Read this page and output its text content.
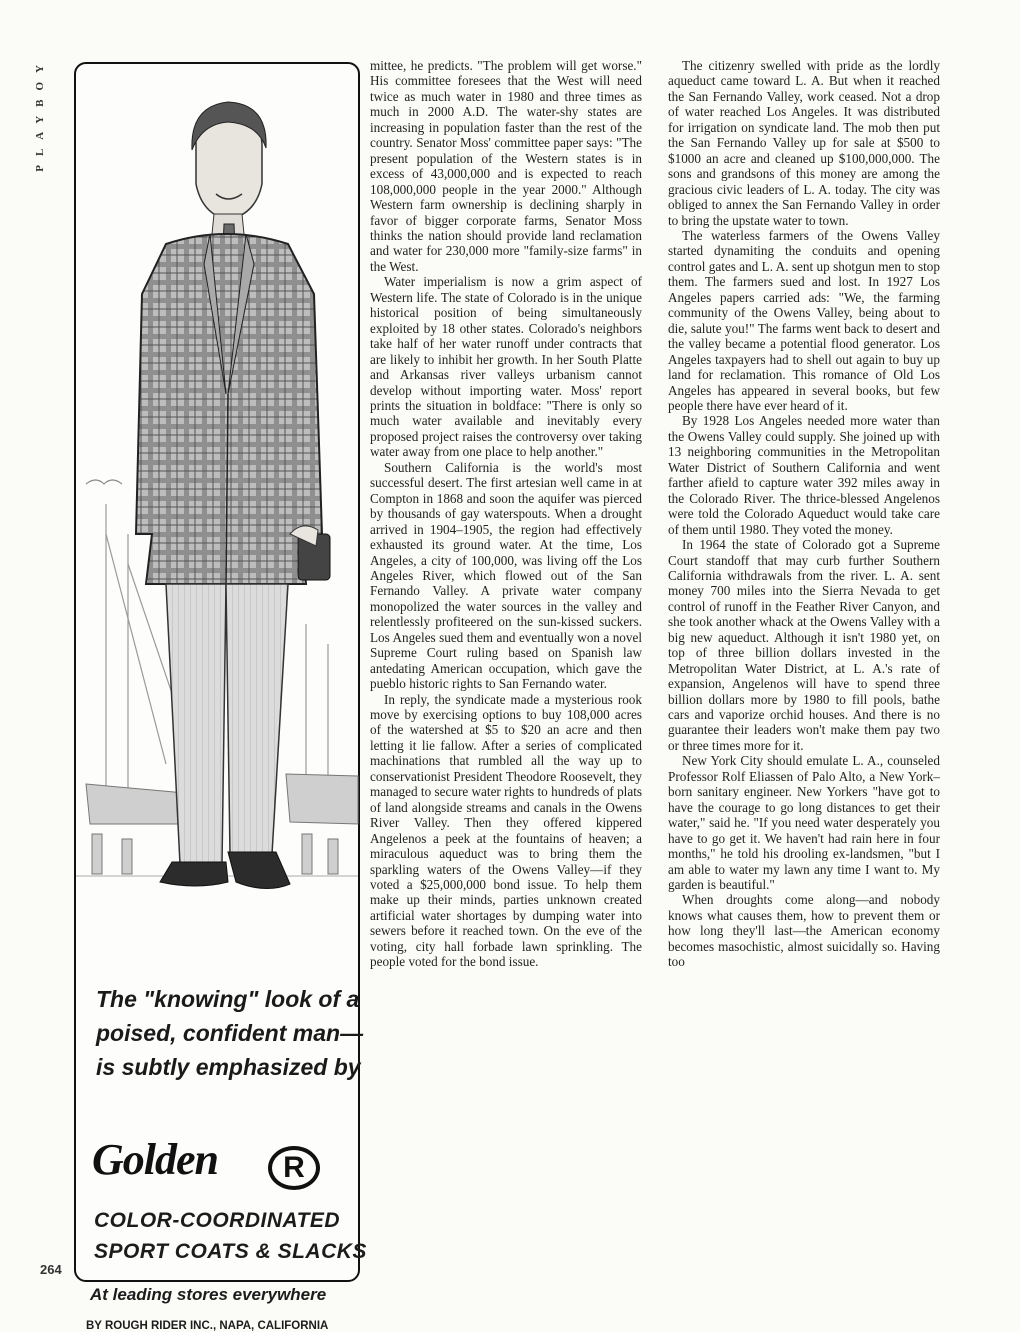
PLAYBOY
264
The "knowing" look of a
poised, confident man—
is subtly emphasized by
Golden	R
COLOR-COORDINATED
SPORT COATS & SLACKS
At leading stores everywhere
BY ROUGH RIDER INC., NAPA, CALIFORNIA

mittee, he predicts. "The problem will get worse." His committee foresees that the West will need twice as much water in 1980 and three times as much in 2000 A.D. The water-shy states are increasing in population faster than the rest of the country. Senator Moss' committee paper says: "The present population of the Western states is in excess of 43,000,000 and is expected to reach 108,000,000 people in the year 2000." Although Western farm ownership is declining sharply in favor of bigger corporate farms, Senator Moss thinks the nation should provide land reclamation and water for 230,000 more "family-size farms" in the West.

Water imperialism is now a grim aspect of Western life. The state of Colorado is in the unique historical position of being simultaneously exploited by 18 other states. Colorado's neighbors take half of her water runoff under contracts that are likely to inhibit her growth. In her South Platte and Arkansas river valleys urbanism cannot develop without importing water. Moss' report prints the situation in boldface: "There is only so much water available and inevitably every proposed project raises the controversy over taking water away from one place to help another."

Southern California is the world's most successful desert. The first artesian well came in at Compton in 1868 and soon the aquifer was pierced by thousands of gay waterspouts. When a drought arrived in 1904–1905, the region had effectively exhausted its ground water. At the time, Los Angeles, a city of 100,000, was living off the Los Angeles River, which flowed out of the San Fernando Valley. A private water company monopolized the water sources in the valley and relentlessly profiteered on the sun-kissed suckers. Los Angeles sued them and eventually won a novel Supreme Court ruling based on Spanish law antedating American occupation, which gave the pueblo historic rights to San Fernando water.

In reply, the syndicate made a mysterious rook move by exercising options to buy 108,000 acres of the watershed at $5 to $20 an acre and then letting it lie fallow. After a series of complicated machinations that rumbled all the way up to conservationist President Theodore Roosevelt, they managed to secure water rights to hundreds of plats of land alongside streams and canals in the Owens River Valley. Then they offered kippered Angelenos a peek at the fountains of heaven; a miraculous aqueduct was to bring them the sparkling waters of the Owens Valley—if they voted a $25,000,000 bond issue. To help them make up their minds, parties unknown created artificial water shortages by dumping water into sewers before it reached town. On the eve of the voting, city hall forbade lawn sprinkling. The people voted for the bond issue.

The citizenry swelled with pride as the lordly aqueduct came toward L. A. But when it reached the San Fernando Valley, work ceased. Not a drop of water reached Los Angeles. It was distributed for irrigation on syndicate land. The mob then put the San Fernando Valley up for sale at $500 to $1000 an acre and cleaned up $100,000,000. The sons and grandsons of this money are among the gracious civic leaders of L. A. today. The city was obliged to annex the San Fernando Valley in order to bring the upstate water to town.

The waterless farmers of the Owens Valley started dynamiting the conduits and opening control gates and L. A. sent up shotgun men to stop them. The farmers sued and lost. In 1927 Los Angeles papers carried ads: "We, the farming community of the Owens Valley, being about to die, salute you!" The farms went back to desert and the valley became a potential flood generator. Los Angeles taxpayers had to shell out again to buy up land for reclamation. This romance of Old Los Angeles has appeared in several books, but few people there have ever heard of it.

By 1928 Los Angeles needed more water than the Owens Valley could supply. She joined up with 13 neighboring communities in the Metropolitan Water District of Southern California and went farther afield to capture water 392 miles away in the Colorado River. The thrice-blessed Angelenos were told the Colorado Aqueduct would take care of them until 1980. They voted the money.

In 1964 the state of Colorado got a Supreme Court standoff that may curb further Southern California withdrawals from the river. L. A. sent money 700 miles into the Sierra Nevada to get control of runoff in the Feather River Canyon, and she took another whack at the Owens Valley with a big new aqueduct. Although it isn't 1980 yet, on top of three billion dollars invested in the Metropolitan Water District, at L. A.'s rate of expansion, Angelenos will have to spend three billion dollars more by 1980 to fill pools, bathe cars and vaporize orchid houses. And there is no guarantee their leaders won't make them pay two or three times more for it.

New York City should emulate L. A., counseled Professor Rolf Eliassen of Palo Alto, a New York–born sanitary engineer. New Yorkers "have got to have the courage to go long distances to get their water," said he. "If you need water desperately you have to go get it. We haven't had rain here in four months," he told his drooling ex-landsmen, "but I am able to water my lawn any time I want to. My garden is beautiful."

When droughts come along—and nobody knows what causes them, how to prevent them or how long they'll last—the American economy becomes masochistic, almost suicidally so. Having too
